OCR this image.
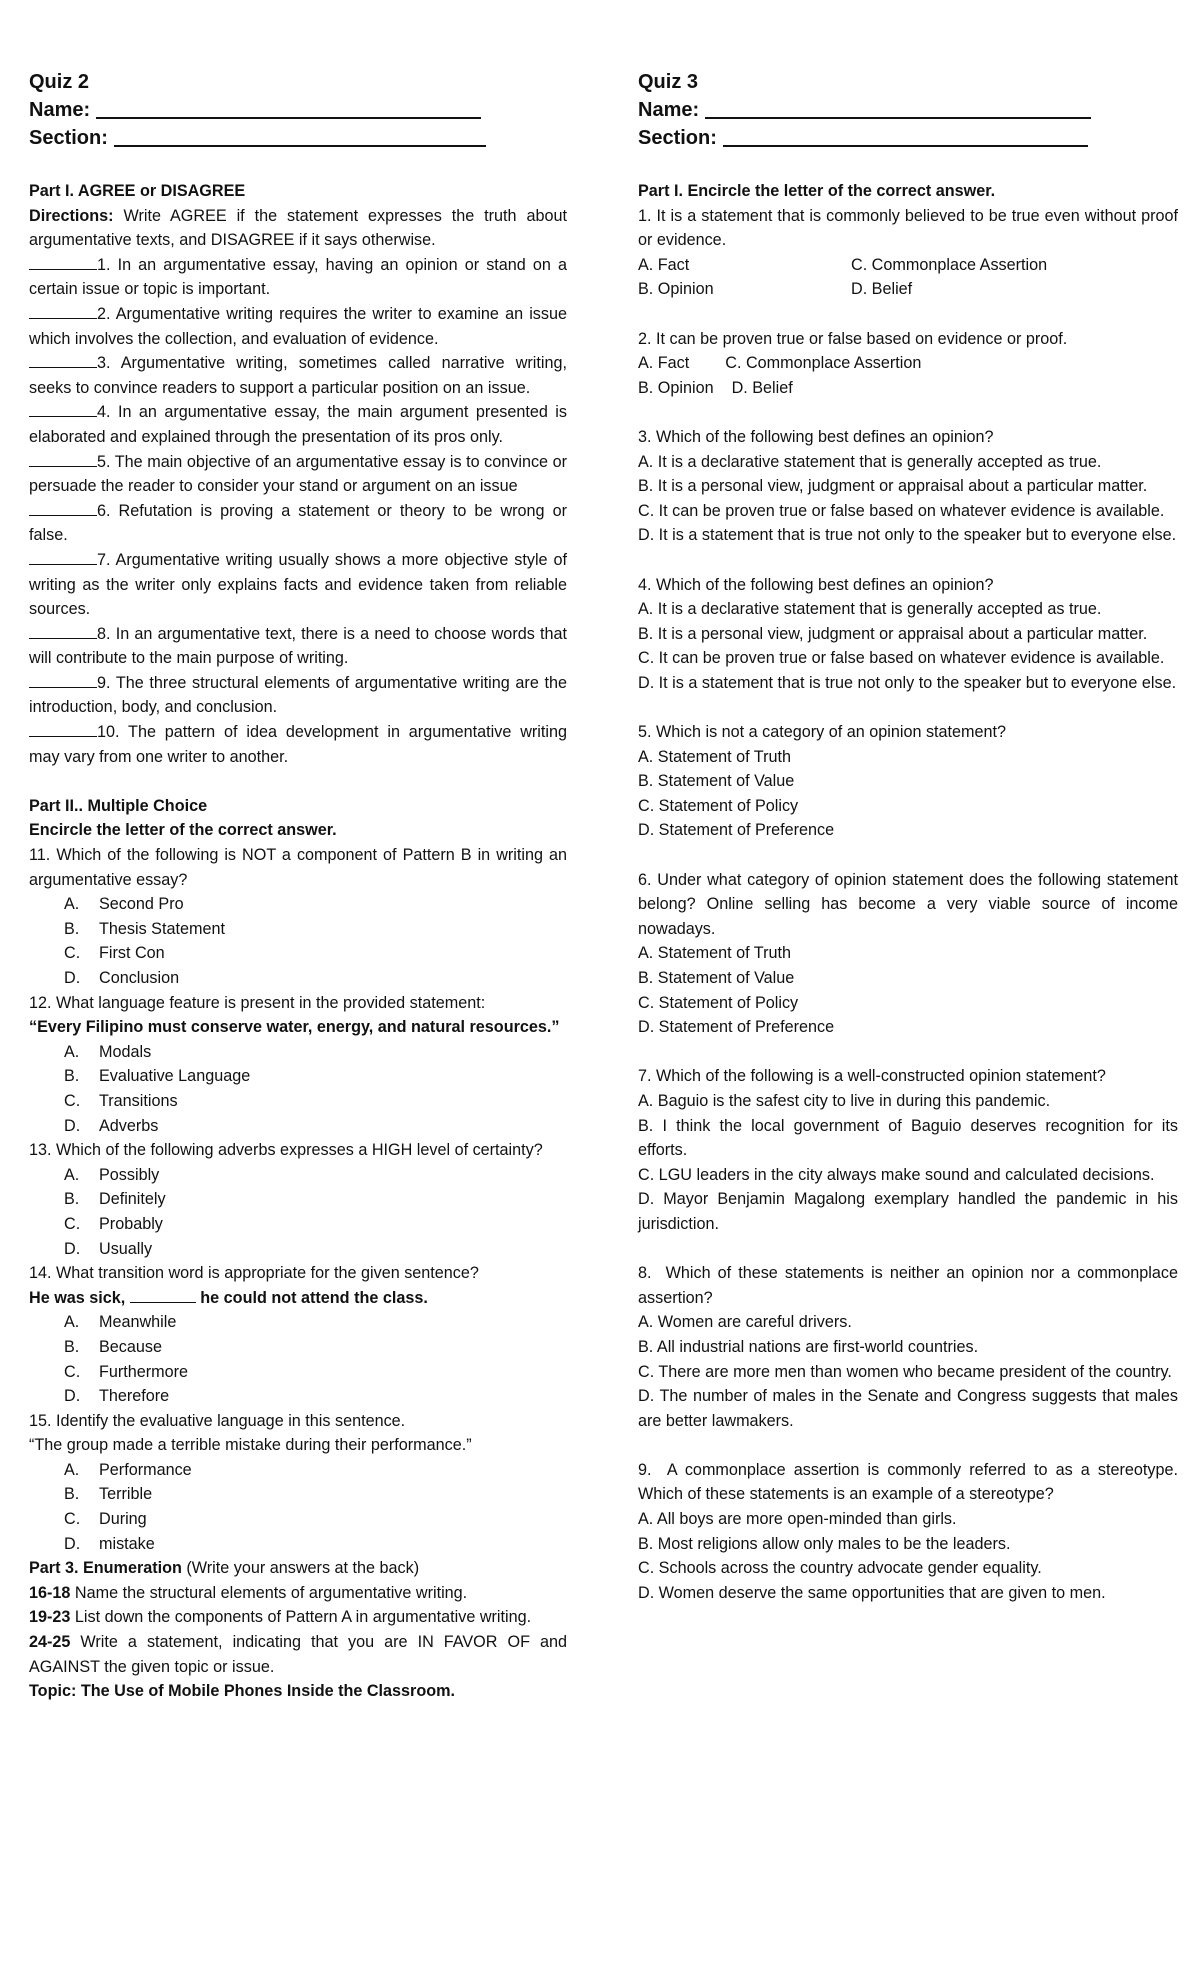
Quiz 2
Name:
Section:
Part I. AGREE or DISAGREE
Directions: Write AGREE if the statement expresses the truth about argumentative texts, and DISAGREE if it says otherwise.
1. In an argumentative essay, having an opinion or stand on a certain issue or topic is important.
2. Argumentative writing requires the writer to examine an issue which involves the collection, and evaluation of evidence.
3. Argumentative writing, sometimes called narrative writing, seeks to convince readers to support a particular position on an issue.
4. In an argumentative essay, the main argument presented is elaborated and explained through the presentation of its pros only.
5. The main objective of an argumentative essay is to convince or persuade the reader to consider your stand or argument on an issue
6. Refutation is proving a statement or theory to be wrong or false.
7. Argumentative writing usually shows a more objective style of writing as the writer only explains facts and evidence taken from reliable sources.
8. In an argumentative text, there is a need to choose words that will contribute to the main purpose of writing.
9. The three structural elements of argumentative writing are the introduction, body, and conclusion.
10. The pattern of idea development in argumentative writing may vary from one writer to another.
Part II.. Multiple Choice
Encircle the letter of the correct answer.
11. Which of the following is NOT a component of Pattern B in writing an argumentative essay?
A.	Second Pro
B.	Thesis Statement
C.	First Con
D.	Conclusion
12. What language feature is present in the provided statement:
“Every Filipino must conserve water, energy, and natural resources.”
A.	Modals
B.	Evaluative Language
C.	Transitions
D.	Adverbs
13. Which of the following adverbs expresses a HIGH level of certainty?
A.	Possibly
B.	Definitely
C.	Probably
D.	Usually
14. What transition word is appropriate for the given sentence?
He was sick,	he could not attend the class.
A.	Meanwhile
B.	Because
C.	Furthermore
D.	Therefore
15. Identify the evaluative language in this sentence.
“The group made a terrible mistake during their performance.”
A.	Performance
B.	Terrible
C.	During
D.	mistake
Part 3. Enumeration (Write your answers at the back)
16-18 Name the structural elements of argumentative writing.
19-23 List down the components of Pattern A in argumentative writing.
24-25 Write a statement, indicating that you are IN FAVOR OF and AGAINST the given topic or issue.
Topic: The Use of Mobile Phones Inside the Classroom.
Quiz 3
Name:
Section:
Part I. Encircle the letter of the correct answer.
1. It is a statement that is commonly believed to be true even without proof or evidence.
A. Fact	C. Commonplace Assertion
B. Opinion	D. Belief
2. It can be proven true or false based on evidence or proof.
A. Fact        C. Commonplace Assertion
B. Opinion    D. Belief
3. Which of the following best defines an opinion?
A. It is a declarative statement that is generally accepted as true.
B. It is a personal view, judgment or appraisal about a particular matter.
C. It can be proven true or false based on whatever evidence is available.
D. It is a statement that is true not only to the speaker but to everyone else.
4. Which of the following best defines an opinion?
A. It is a declarative statement that is generally accepted as true.
B. It is a personal view, judgment or appraisal about a particular matter.
C. It can be proven true or false based on whatever evidence is available.
D. It is a statement that is true not only to the speaker but to everyone else.
5. Which is not a category of an opinion statement?
A. Statement of Truth
B. Statement of Value
C. Statement of Policy
D. Statement of Preference
6. Under what category of opinion statement does the following statement belong? Online selling has become a very viable source of income nowadays.
A. Statement of Truth
B. Statement of Value
C. Statement of Policy
D. Statement of Preference
7. Which of the following is a well-constructed opinion statement?
A. Baguio is the safest city to live in during this pandemic.
B. I think the local government of Baguio deserves recognition for its efforts.
C. LGU leaders in the city always make sound and calculated decisions.
D. Mayor Benjamin Magalong exemplary handled the pandemic in his jurisdiction.
8.  Which of these statements is neither an opinion nor a commonplace assertion?
A. Women are careful drivers.
B. All industrial nations are first-world countries.
C. There are more men than women who became president of the country.
D. The number of males in the Senate and Congress suggests that males are better lawmakers.
9.  A commonplace assertion is commonly referred to as a stereotype. Which of these statements is an example of a stereotype?
A. All boys are more open-minded than girls.
B. Most religions allow only males to be the leaders.
C. Schools across the country advocate gender equality.
D. Women deserve the same opportunities that are given to men.
